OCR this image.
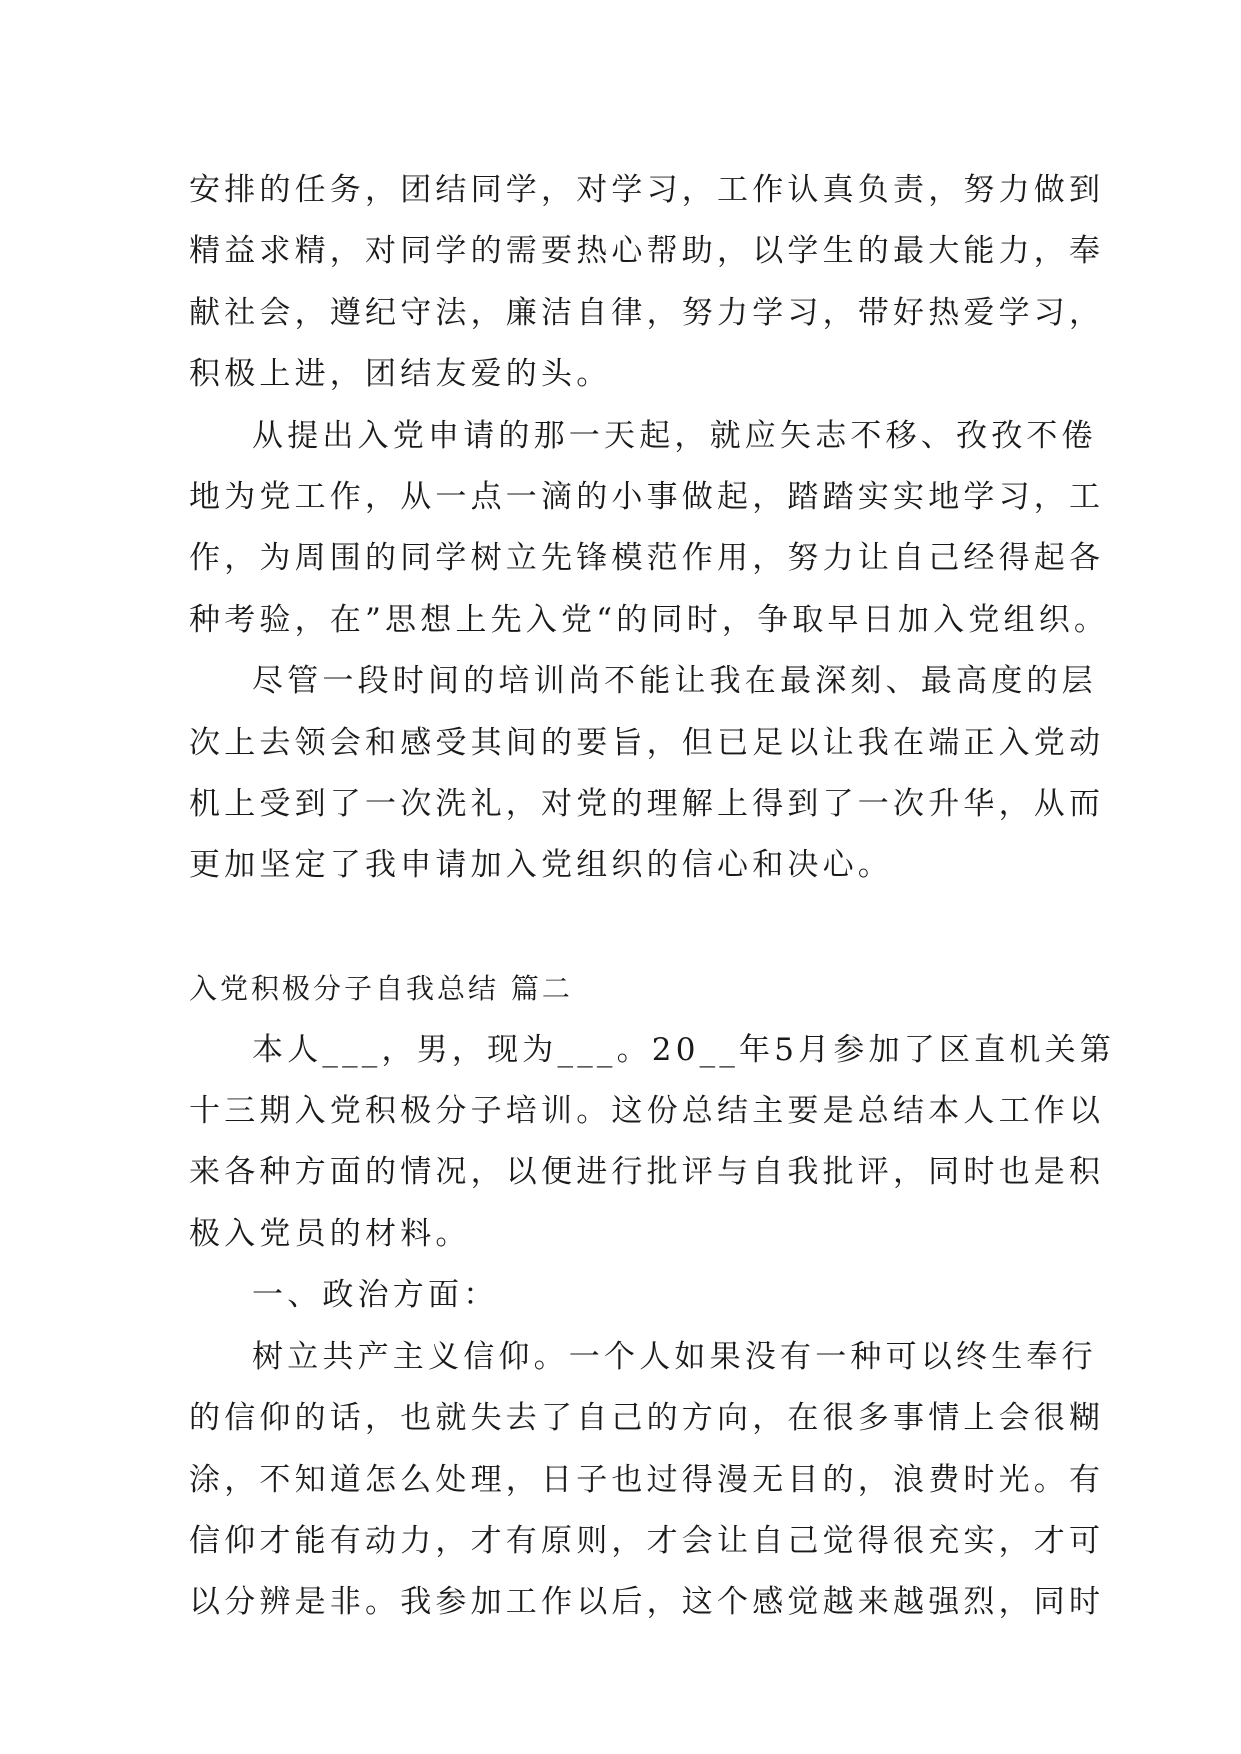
安排的任务，团结同学，对学习，工作认真负责，努力做到
精益求精，对同学的需要热心帮助，以学生的最大能力，奉
献社会，遵纪守法，廉洁自律，努力学习，带好热爱学习，
积极上进，团结友爱的头。

从提出入党申请的那一天起，就应矢志不移、孜孜不倦
地为党工作，从一点一滴的小事做起，踏踏实实地学习，工
作，为周围的同学树立先锋模范作用，努力让自己经得起各
种考验，在”思想上先入党“的同时，争取早日加入党组织。

尽管一段时间的培训尚不能让我在最深刻、最高度的层
次上去领会和感受其间的要旨，但已足以让我在端正入党动
机上受到了一次洗礼，对党的理解上得到了一次升华，从而
更加坚定了我申请加入党组织的信心和决心。

入党积极分子自我总结 篇二

本人___，男，现为___。20__年5月参加了区直机关第
十三期入党积极分子培训。这份总结主要是总结本人工作以
来各种方面的情况，以便进行批评与自我批评，同时也是积
极入党员的材料。

一、政治方面：

树立共产主义信仰。一个人如果没有一种可以终生奉行
的信仰的话，也就失去了自己的方向，在很多事情上会很糊
涂，不知道怎么处理，日子也过得漫无目的，浪费时光。有
信仰才能有动力，才有原则，才会让自己觉得很充实，才可
以分辨是非。我参加工作以后，这个感觉越来越强烈，同时
